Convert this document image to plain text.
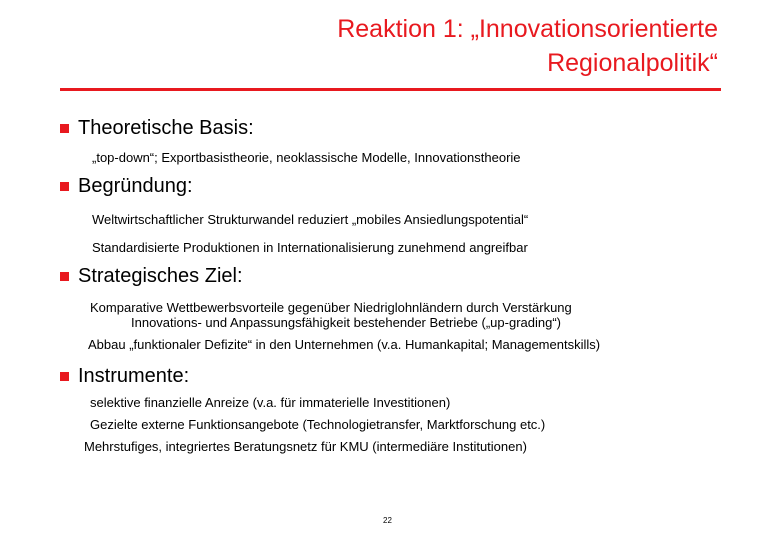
Reaktion 1: „Innovationsorientierte
Regionalpolitik“
Theoretische Basis:
„top-down“; Exportbasistheorie, neoklassische Modelle, Innovationstheorie
Begründung:
Weltwirtschaftlicher Strukturwandel reduziert „mobiles Ansiedlungspotential“
Standardisierte Produktionen in Internationalisierung zunehmend angreifbar
Strategisches Ziel:
Komparative Wettbewerbsvorteile gegenüber Niedriglohnländern durch Verstärkung
Innovations- und Anpassungsfähigkeit bestehender Betriebe („up-grading“)
Abbau „funktionaler Defizite“ in den Unternehmen (v.a. Humankapital; Managementskills)
Instrumente:
selektive finanzielle Anreize (v.a. für immaterielle Investitionen)
Gezielte externe Funktionsangebote (Technologietransfer, Marktforschung etc.)
Mehrstufiges, integriertes Beratungsnetz für KMU (intermediäre Institutionen)
22
